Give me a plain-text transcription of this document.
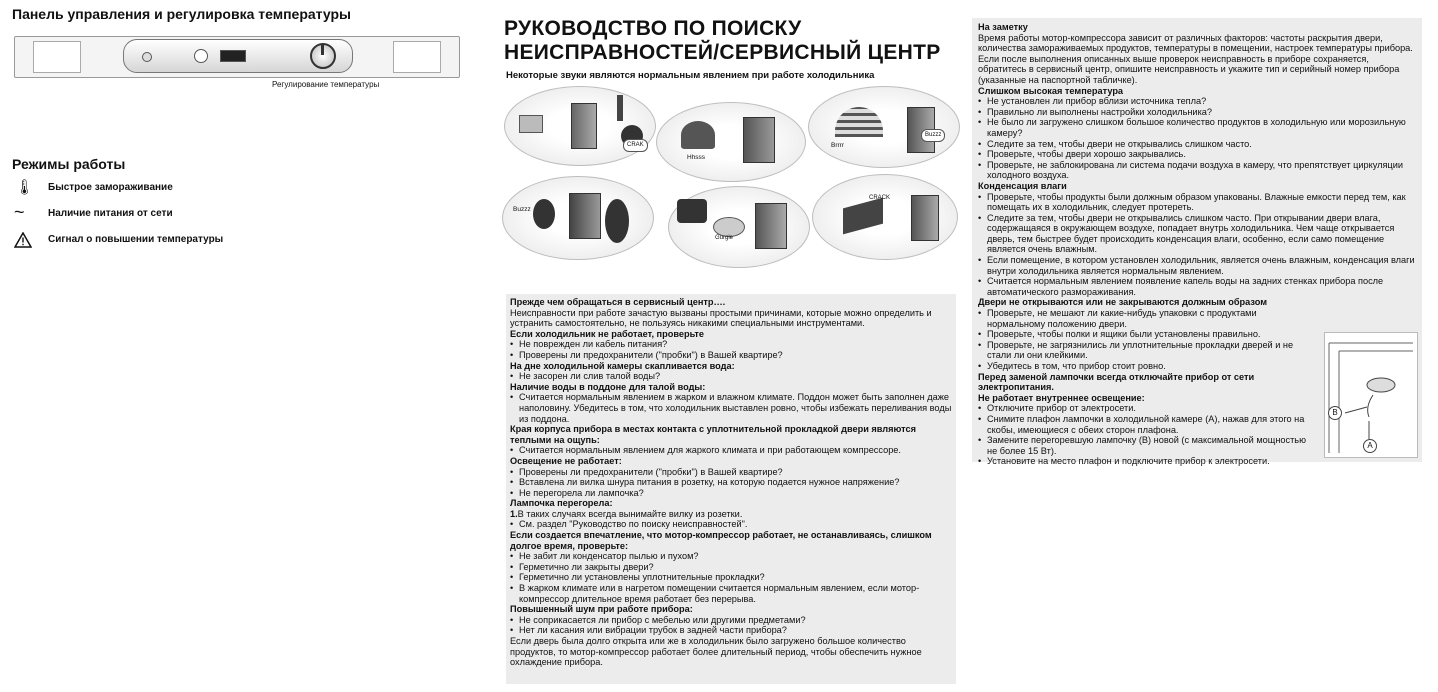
Панель управления и регулировка температуры
Регулирование температуры
Режимы работы
🌡︎ Быстрое замораживание
~ Наличие питания от сети
Сигнал о повышении температуры
РУКОВОДСТВО ПО ПОИСКУ
НЕИСПРАВНОСТЕЙ/СЕРВИСНЫЙ ЦЕНТР
Некоторые звуки являются нормальным явлением при работе холодильника
CRAK
Hhsss
Brrrr
Buzzz
Buzzz
Gurgle
CRACK
Прежде чем обращаться в сервисный центр….
Неисправности при работе зачастую вызваны простыми причинами, которые можно определить и устранить самостоятельно, не пользуясь никакими специальными инструментами.
Если холодильник не работает, проверьте
• Не поврежден ли кабель питания?
• Проверены ли предохранители ("пробки") в Вашей квартире?
На дне холодильной камеры скапливается вода:
• Не засорен ли слив талой воды?
Наличие воды в поддоне для талой воды:
• Считается нормальным явлением в жарком и влажном климате. Поддон может быть заполнен даже наполовину. Убедитесь в том, что холодильник выставлен ровно, чтобы избежать переливания воды из поддона.
Края корпуса прибора в местах контакта с уплотнительной прокладкой двери являются теплыми на ощупь:
• Считается нормальным явлением для жаркого климата и при работающем компрессоре.
Освещение не работает:
• Проверены ли предохранители ("пробки") в Вашей квартире?
• Вставлена ли вилка шнура питания в розетку, на которую подается нужное напряжение?
• Не перегорела ли лампочка?
Лампочка перегорела:
1.В таких случаях всегда вынимайте вилку из розетки.
• См. раздел "Руководство по поиску неисправностей".
Если создается впечатление, что мотор-компрессор работает, не останавливаясь, слишком долгое время, проверьте:
• Не забит ли конденсатор пылью и пухом?
• Герметично ли закрыты двери?
• Герметично ли установлены уплотнительные прокладки?
• В жарком климате или в нагретом помещении считается нормальным явлением, если мотор-компрессор длительное время работает без перерыва.
Повышенный шум при работе прибора:
• Не соприкасается ли прибор с мебелью или другими предметами?
• Нет ли касания или вибрации трубок в задней части прибора?
Если дверь была долго открыта или же в холодильник было загружено большое количество продуктов, то мотор-компрессор работает более длительный период, чтобы обеспечить нужное охлаждение прибора.
На заметку
Время работы мотор-компрессора зависит от различных факторов: частоты раскрытия двери, количества замораживаемых продуктов, температуры в помещении, настроек температуры прибора.
Если после выполнения описанных выше проверок неисправность в приборе сохраняется, обратитесь в сервисный центр, опишите неисправность и укажите тип и серийный номер прибора (указанные на паспортной табличке).
Слишком высокая температура
• Не установлен ли прибор вблизи источника тепла?
• Правильно ли выполнены настройки холодильника?
• Не было ли загружено слишком большое количество продуктов в холодильную или морозильную камеру?
• Следите за тем, чтобы двери не открывались слишком часто.
• Проверьте, чтобы двери хорошо закрывались.
• Проверьте, не заблокирована ли система подачи воздуха в камеру, что препятствует циркуляции холодного воздуха.
Конденсация влаги
• Проверьте, чтобы продукты были должным образом упакованы. Влажные емкости перед тем, как помещать их в холодильник, следует протереть.
• Следите за тем, чтобы двери не открывались слишком часто. При открывании двери влага, содержащаяся в окружающем воздухе, попадает внутрь холодильника. Чем чаще открывается дверь, тем быстрее будет происходить конденсация влаги, особенно, если само помещение является очень влажным.
• Если помещение, в котором установлен холодильник, является очень влажным, конденсация влаги внутри холодильника является нормальным явлением.
• Считается нормальным явлением появление капель воды на задних стенках прибора после автоматического размораживания.
Двери не открываются или не закрываются должным образом
• Проверьте, не мешают ли какие-нибудь упаковки с продуктами нормальному положению двери.
• Проверьте, чтобы полки и ящики были установлены правильно.
• Проверьте, не загрязнились ли уплотнительные прокладки дверей и не стали ли они клейкими.
• Убедитесь в том, что прибор стоит ровно.
Перед заменой лампочки всегда отключайте прибор от сети электропитания.
Не работает внутреннее освещение:
• Отключите прибор от электросети.
• Снимите плафон лампочки в холодильной камере (A), нажав для этого на скобы, имеющиеся с обеих сторон плафона.
• Замените перегоревшую лампочку (B) новой (с максимальной мощностью не более 15 Вт).
• Установите на место плафон и подключите прибор к электросети.
B
A
